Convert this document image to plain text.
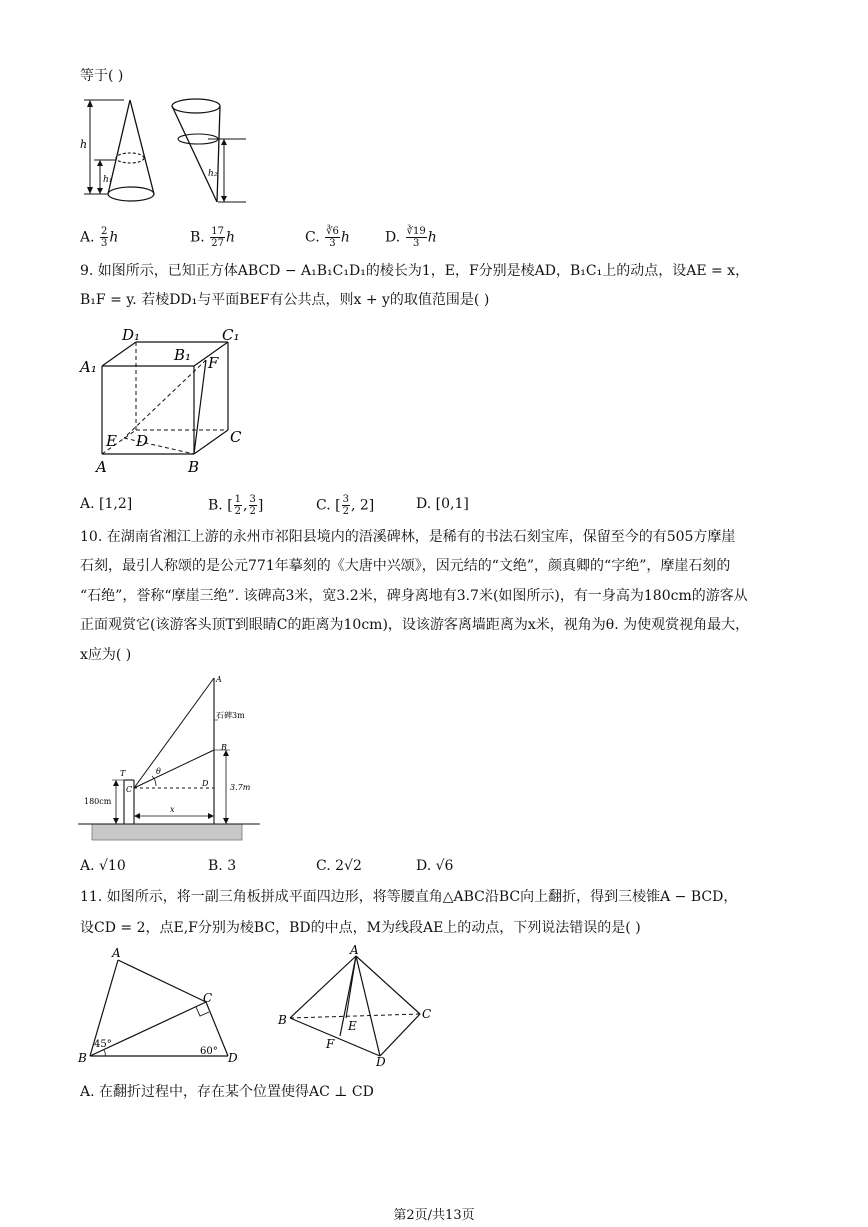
等于( )
h
h₁
h₂
A. $\frac{2}{3}$ h	B. $\frac{17}{27}$ h	C. $\frac{∛6}{3}$ h	D. $\frac{∛19}{3}$ h
9. 如图所示，已知正方体ABCD − A₁B₁C₁D₁的棱长为1，E，F分别是棱AD，B₁C₁上的动点，设AE = x，
B₁F = y. 若棱DD₁与平面BEF有公共点，则x + y的取值范围是( )
D₁	C₁
A₁
B₁ F
E D	C
A	B
A. [1,2]	B. [ $\frac{1}{2}$ , $\frac{3}{2}$ ]	C. [ $\frac{3}{2}$ , 2]	D. [0,1]
10. 在湖南省湘江上游的永州市祁阳县境内的浯溪碑林，是稀有的书法石刻宝库，保留至今的有505方摩崖
石刻，最引人称颂的是公元771年摹刻的《大唐中兴颂》，因元结的“文绝”，颜真卿的“字绝”，摩崖石刻的
“石绝”，誉称“摩崖三绝”. 该碑高3米，宽3.2米，碑身离地有3.7米(如图所示)，有一身高为180cm的游客从
正面观赏它(该游客头顶T到眼睛C的距离为10cm)，设该游客离墙距离为x米，视角为θ. 为使观赏视角最大，
x应为( )
A
石碑3m
B
T	θ
C
D
x
180cm
3.7m
A. √10	B. 3	C. 2√2	D. √6
11. 如图所示，将一副三角板拼成平面四边形，将等腰直角△ABC沿BC向上翻折，得到三棱锥A − BCD，
设CD = 2，点E,F分别为棱BC，BD的中点，M为线段AE上的动点，下列说法错误的是( )
A
C
B	D
45°
60°
A
B	C
D
E
F
A. 在翻折过程中，存在某个位置使得AC ⊥ CD
第2页/共13页
